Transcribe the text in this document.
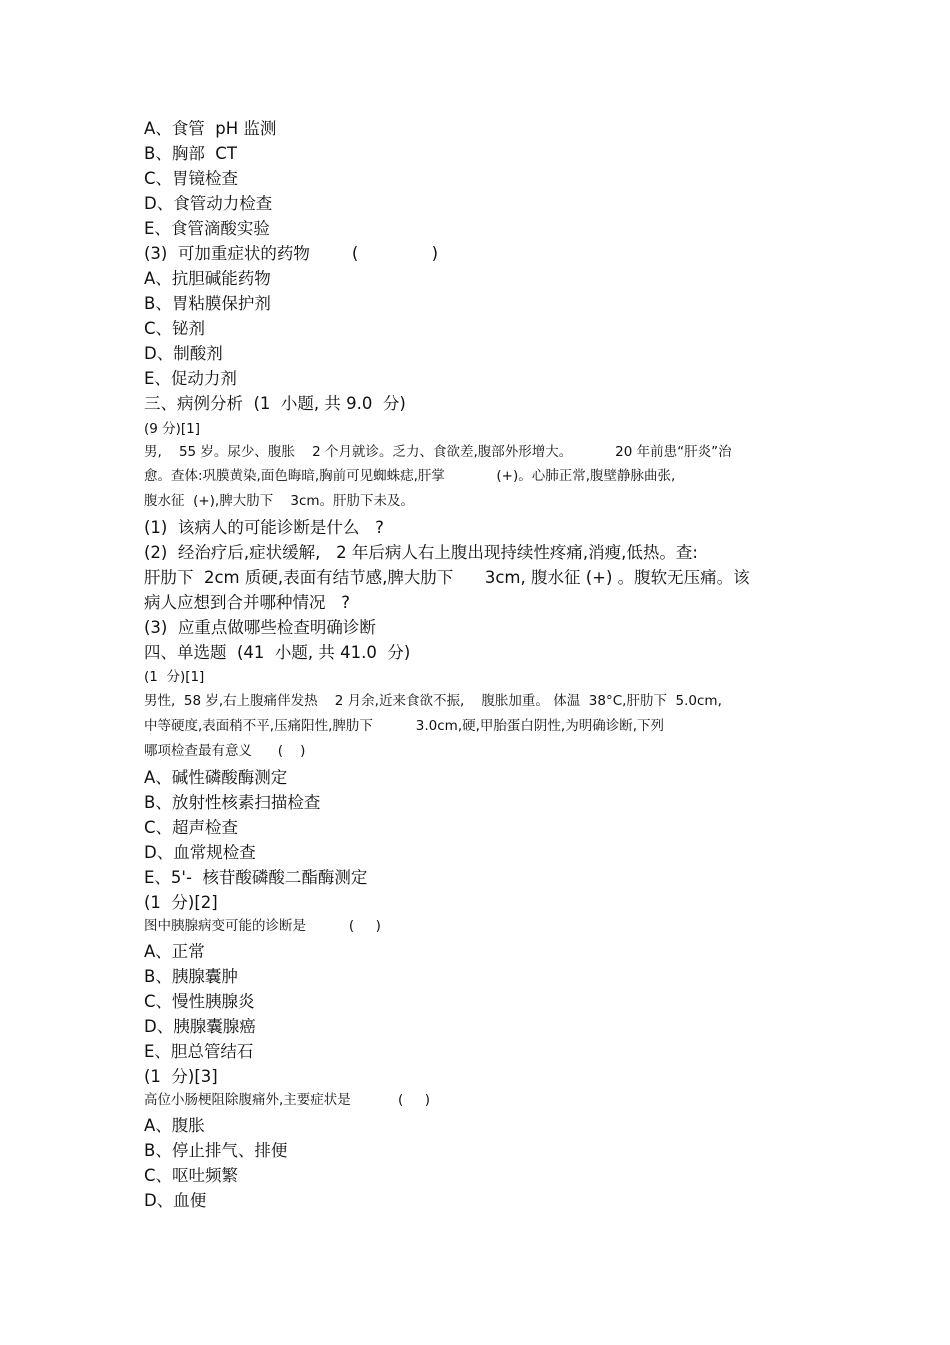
A、食管  pH 监测
B、胸部  CT
C、胃镜检查
D、食管动力检查
E、食管滴酸实验
(3)  可加重症状的药物        (              )
A、抗胆碱能药物
B、胃粘膜保护剂
C、铋剂
D、制酸剂
E、促动力剂
三、病例分析  (1  小题, 共 9.0  分)
(9 分)[1]
男,    55 岁。尿少、腹胀    2 个月就诊。乏力、食欲差,腹部外形增大。          20 年前患“肝炎”治
愈。查体:巩膜黄染,面色晦暗,胸前可见蜘蛛痣,肝掌            (+)。心肺正常,腹壁静脉曲张,
腹水征  (+),脾大肋下    3cm。肝肋下未及。
(1)  该病人的可能诊断是什么   ?
(2)  经治疗后,症状缓解,   2 年后病人右上腹出现持续性疼痛,消瘦,低热。查:
肝肋下  2cm 质硬,表面有结节感,脾大肋下      3cm, 腹水征 (+) 。腹软无压痛。该
病人应想到合并哪种情况   ?
(3)  应重点做哪些检查明确诊断
四、单选题  (41  小题, 共 41.0  分)
(1  分)[1]
男性,  58 岁,右上腹痛伴发热    2 月余,近来食欲不振,    腹胀加重。 体温  38°C,肝肋下  5.0cm,
中等硬度,表面稍不平,压痛阳性,脾肋下          3.0cm,硬,甲胎蛋白阴性,为明确诊断,下列
哪项检查最有意义      (    )
A、碱性磷酸酶测定
B、放射性核素扫描检查
C、超声检查
D、血常规检查
E、5'-  核苷酸磷酸二酯酶测定
(1  分)[2]
图中胰腺病变可能的诊断是          (     )
A、正常
B、胰腺囊肿
C、慢性胰腺炎
D、胰腺囊腺癌
E、胆总管结石
(1  分)[3]
高位小肠梗阻除腹痛外,主要症状是           (     )
A、腹胀
B、停止排气、排便
C、呕吐频繁
D、血便
